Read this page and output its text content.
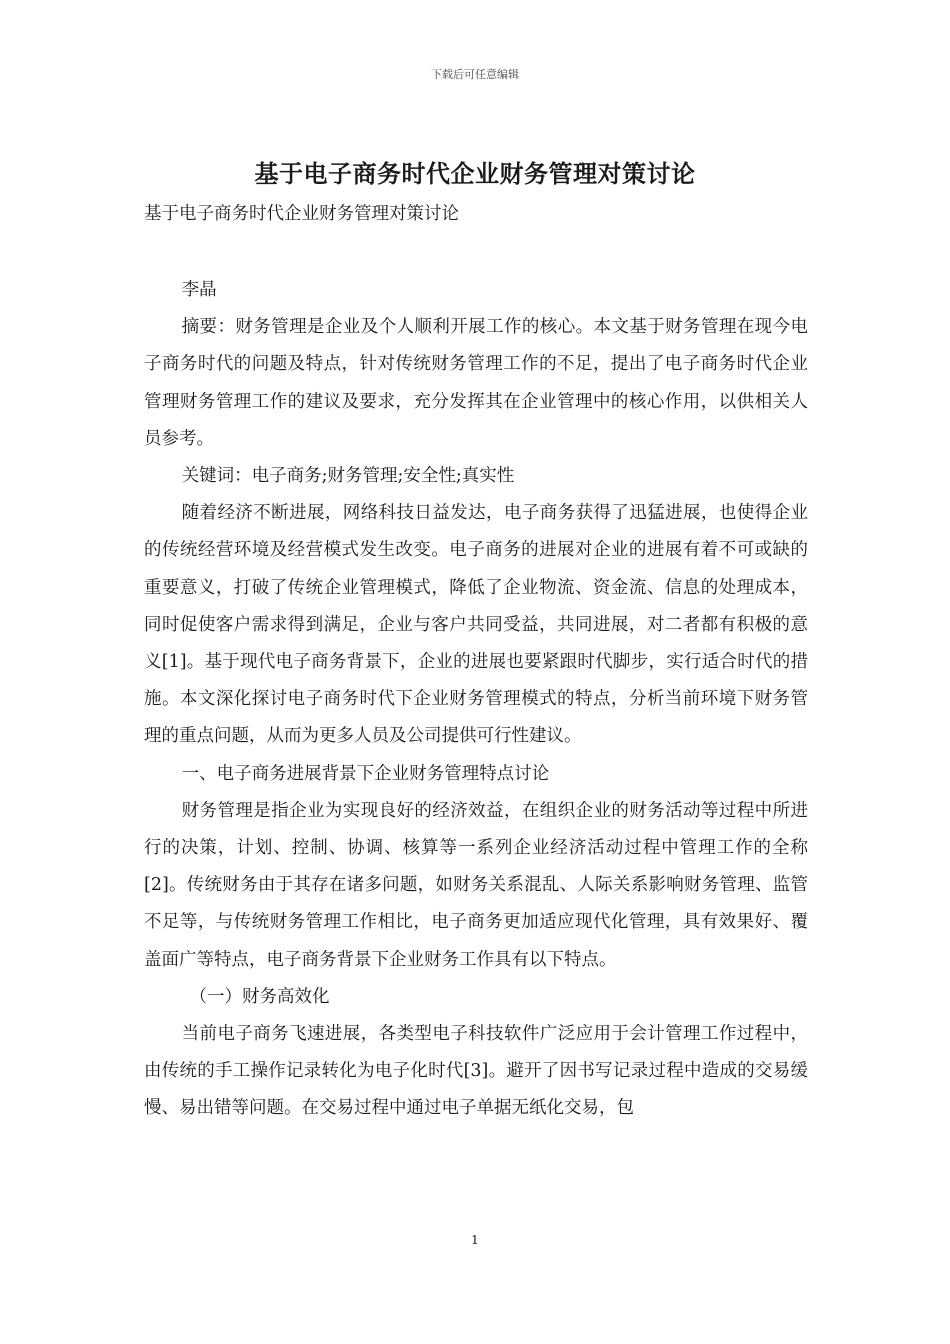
下载后可任意编辑
基于电子商务时代企业财务管理对策讨论
基于电子商务时代企业财务管理对策讨论

李晶

摘要：财务管理是企业及个人顺利开展工作的核心。本文基于财务管理在现今电子商务时代的问题及特点，针对传统财务管理工作的不足，提出了电子商务时代企业管理财务管理工作的建议及要求，充分发挥其在企业管理中的核心作用，以供相关人员参考。

关键词：电子商务;财务管理;安全性;真实性

随着经济不断进展，网络科技日益发达，电子商务获得了迅猛进展，也使得企业的传统经营环境及经营模式发生改变。电子商务的进展对企业的进展有着不可或缺的重要意义，打破了传统企业管理模式，降低了企业物流、资金流、信息的处理成本，同时促使客户需求得到满足，企业与客户共同受益，共同进展，对二者都有积极的意义[1]。基于现代电子商务背景下，企业的进展也要紧跟时代脚步，实行适合时代的措施。本文深化探讨电子商务时代下企业财务管理模式的特点，分析当前环境下财务管理的重点问题，从而为更多人员及公司提供可行性建议。

一、电子商务进展背景下企业财务管理特点讨论

财务管理是指企业为实现良好的经济效益，在组织企业的财务活动等过程中所进行的决策，计划、控制、协调、核算等一系列企业经济活动过程中管理工作的全称[2]。传统财务由于其存在诸多问题，如财务关系混乱、人际关系影响财务管理、监管不足等，与传统财务管理工作相比，电子商务更加适应现代化管理，具有效果好、覆盖面广等特点，电子商务背景下企业财务工作具有以下特点。

（一）财务高效化

当前电子商务飞速进展，各类型电子科技软件广泛应用于会计管理工作过程中，由传统的手工操作记录转化为电子化时代[3]。避开了因书写记录过程中造成的交易缓慢、易出错等问题。在交易过程中通过电子单据无纸化交易，包

1
